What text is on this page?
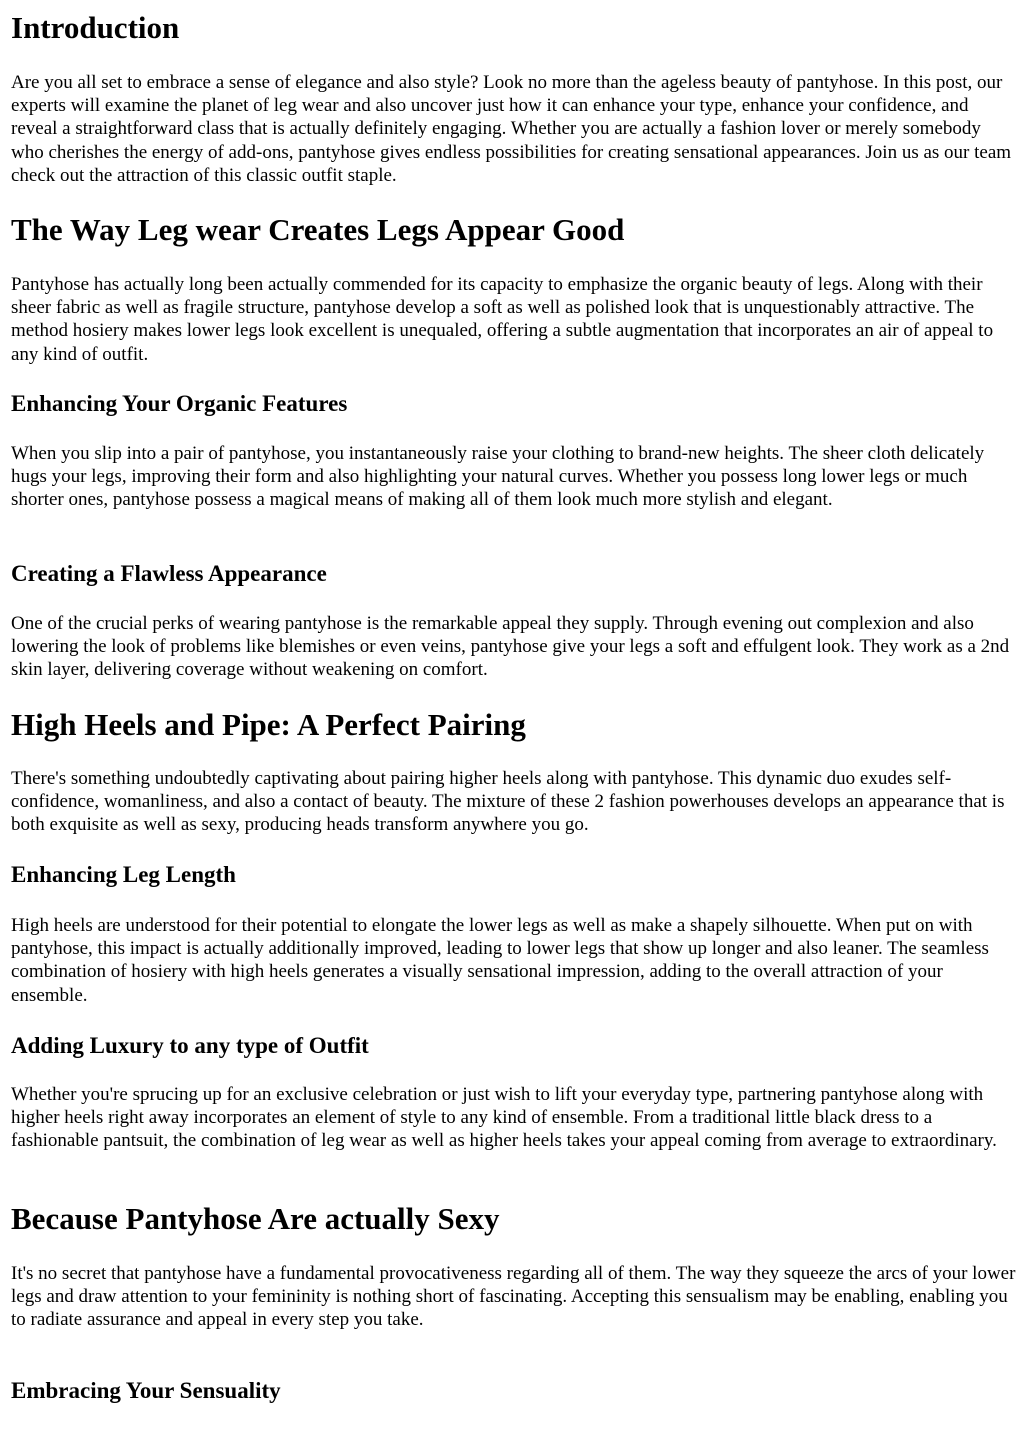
Introduction

Are you all set to embrace a sense of elegance and also style? Look no more than the ageless beauty of pantyhose. In this post, our experts will examine the planet of leg wear and also uncover just how it can enhance your type, enhance your confidence, and reveal a straightforward class that is actually definitely engaging. Whether you are actually a fashion lover or merely somebody who cherishes the energy of add-ons, pantyhose gives endless possibilities for creating sensational appearances. Join us as our team check out the attraction of this classic outfit staple.

The Way Leg wear Creates Legs Appear Good

Pantyhose has actually long been actually commended for its capacity to emphasize the organic beauty of legs. Along with their sheer fabric as well as fragile structure, pantyhose develop a soft as well as polished look that is unquestionably attractive. The method hosiery makes lower legs look excellent is unequaled, offering a subtle augmentation that incorporates an air of appeal to any kind of outfit.

Enhancing Your Organic Features

When you slip into a pair of pantyhose, you instantaneously raise your clothing to brand-new heights. The sheer cloth delicately hugs your legs, improving their form and also highlighting your natural curves. Whether you possess long lower legs or much shorter ones, pantyhose possess a magical means of making all of them look much more stylish and elegant.

Creating a Flawless Appearance

One of the crucial perks of wearing pantyhose is the remarkable appeal they supply. Through evening out complexion and also lowering the look of problems like blemishes or even veins, pantyhose give your legs a soft and effulgent look. They work as a 2nd skin layer, delivering coverage without weakening on comfort.

High Heels and Pipe: A Perfect Pairing

There's something undoubtedly captivating about pairing higher heels along with pantyhose. This dynamic duo exudes self-confidence, womanliness, and also a contact of beauty. The mixture of these 2 fashion powerhouses develops an appearance that is both exquisite as well as sexy, producing heads transform anywhere you go.

Enhancing Leg Length

High heels are understood for their potential to elongate the lower legs as well as make a shapely silhouette. When put on with pantyhose, this impact is actually additionally improved, leading to lower legs that show up longer and also leaner. The seamless combination of hosiery with high heels generates a visually sensational impression, adding to the overall attraction of your ensemble.

Adding Luxury to any type of Outfit

Whether you're sprucing up for an exclusive celebration or just wish to lift your everyday type, partnering pantyhose along with higher heels right away incorporates an element of style to any kind of ensemble. From a traditional little black dress to a fashionable pantsuit, the combination of leg wear as well as higher heels takes your appeal coming from average to extraordinary.

Because Pantyhose Are actually Sexy

It's no secret that pantyhose have a fundamental provocativeness regarding all of them. The way they squeeze the arcs of your lower legs and draw attention to your femininity is nothing short of fascinating. Accepting this sensualism may be enabling, enabling you to radiate assurance and appeal in every step you take.

Embracing Your Sensuality
